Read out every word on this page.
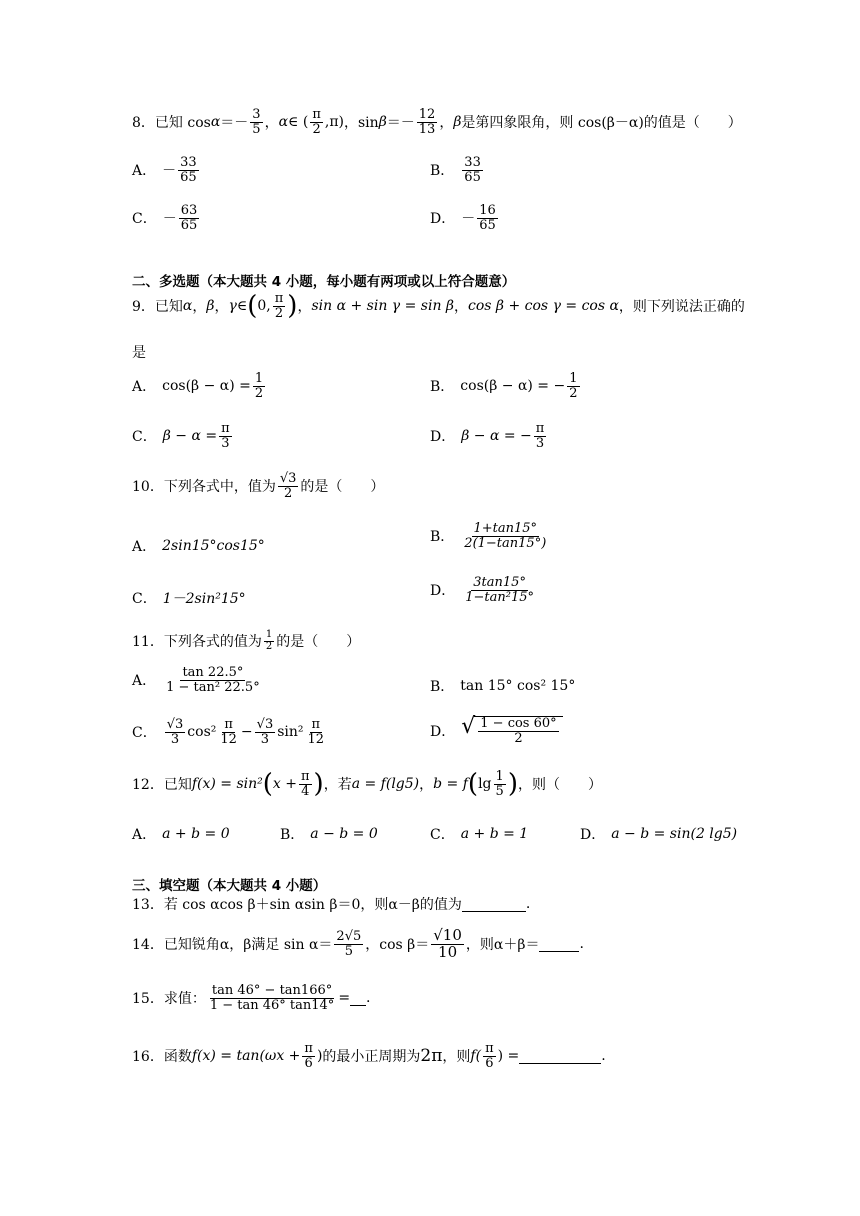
8． 已知 cos α ＝－
3
5 ， α ∈ ( π
2 ,π) ，sin β ＝－
12
13 ， β 是第四象限角，则 cos(β－α)的值是（　　）
A． －
33
65	B．
33
65
C． －
63
65	D． －
16
65
二、多选题（本大题共 4 小题，每小题有两项或以上符合题意）
9． 已知 α ， β ， γ ∈ ( 0, π
2 ) ， sin α + sin γ = sin β ， cos β + cos γ = cos α ，则下列说法正确的
是
A． $\cos(\beta - \alpha) = \frac{1}{2}$	B． cos(β − α) = − $\frac{1}{2}$
C． $\beta - \alpha = \frac{\pi}{3}$	D． β − α = − $\frac{\pi}{3}$
10． 下列各式中，值为
√3
2 的是（　　）
A． 2sin15°cos15°
B．
1+tan15°
2(1−tan15°)
C． 1－2sin²15°	D．
3tan15°
1−tan²15°
11． 下列各式的值为 1
2 的是（　　）
A．
tan 22.5°
1 − tan² 22.5°	B． tan 15° cos² 15°
C．
√3
3 cos² π
$12 - \frac{√3}{3} \sin^2$ π
12	D． √ 1 − cos 60°
2
12． 已知 f(x) = sin² ( $x + \frac{\pi}{4}$ ) ，若 a = f(lg5) ， b = f ( lg 1
5 ) ，则（　　）
A． a + b = 0	B． a − b = 0	C． a + b = 1	D． a − b = sin(2 lg5)
三、填空题（本大题共 4 小题）
13． 若 cos αcos β＋sin αsin β＝0，则α－β的值为	.
14． 已知锐角α，β满足 sin α＝
2√5
5 ，cos β＝
√10
10 ，则α＋β＝	.
15． 求值： $\frac{\tan 46^\circ - \tan 166^\circ}{1 - \tan 46^\circ \tan 14^\circ}$ = .
16． 函数 $f(x) = \tan(\omega x + \frac{\pi}{6}$ ) 的最小正周期为 2π ，则 f( π
6 ) =	.
